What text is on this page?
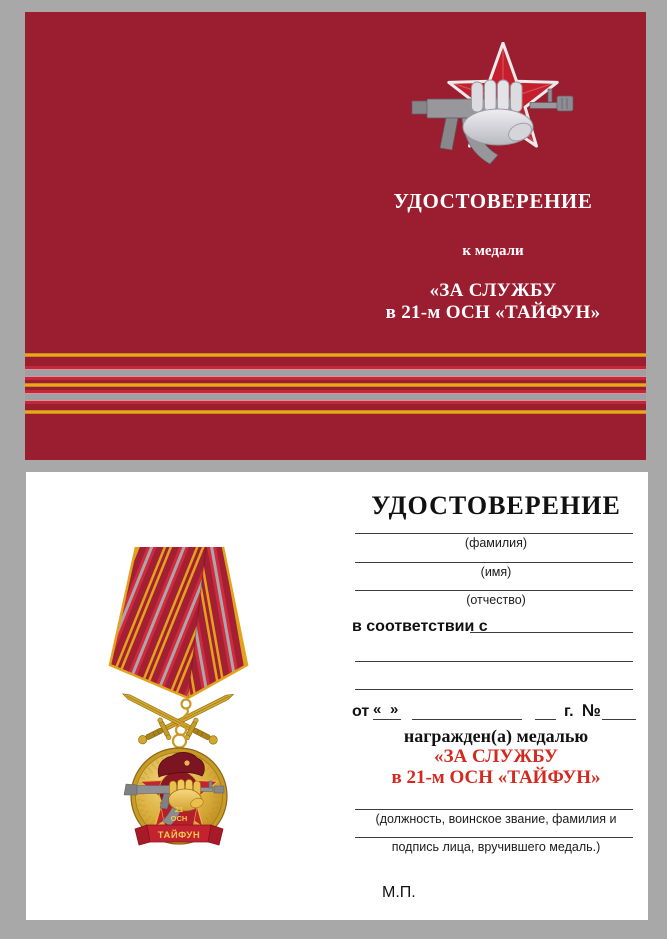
УДОСТОВЕРЕНИЕ
к медали
«ЗА СЛУЖБУ
в 21-м ОСН «ТАЙФУН»
21
ОСН
ТАЙФУН
УДОСТОВЕРЕНИЕ
(фамилия)
(имя)
(отчество)
в соответствии с
от « »	г. №
награжден(а) медалью
«ЗА СЛУЖБУ
в 21-м ОСН «ТАЙФУН»
(должность, воинское звание, фамилия и
подпись лица, вручившего медаль.)
М.П.
